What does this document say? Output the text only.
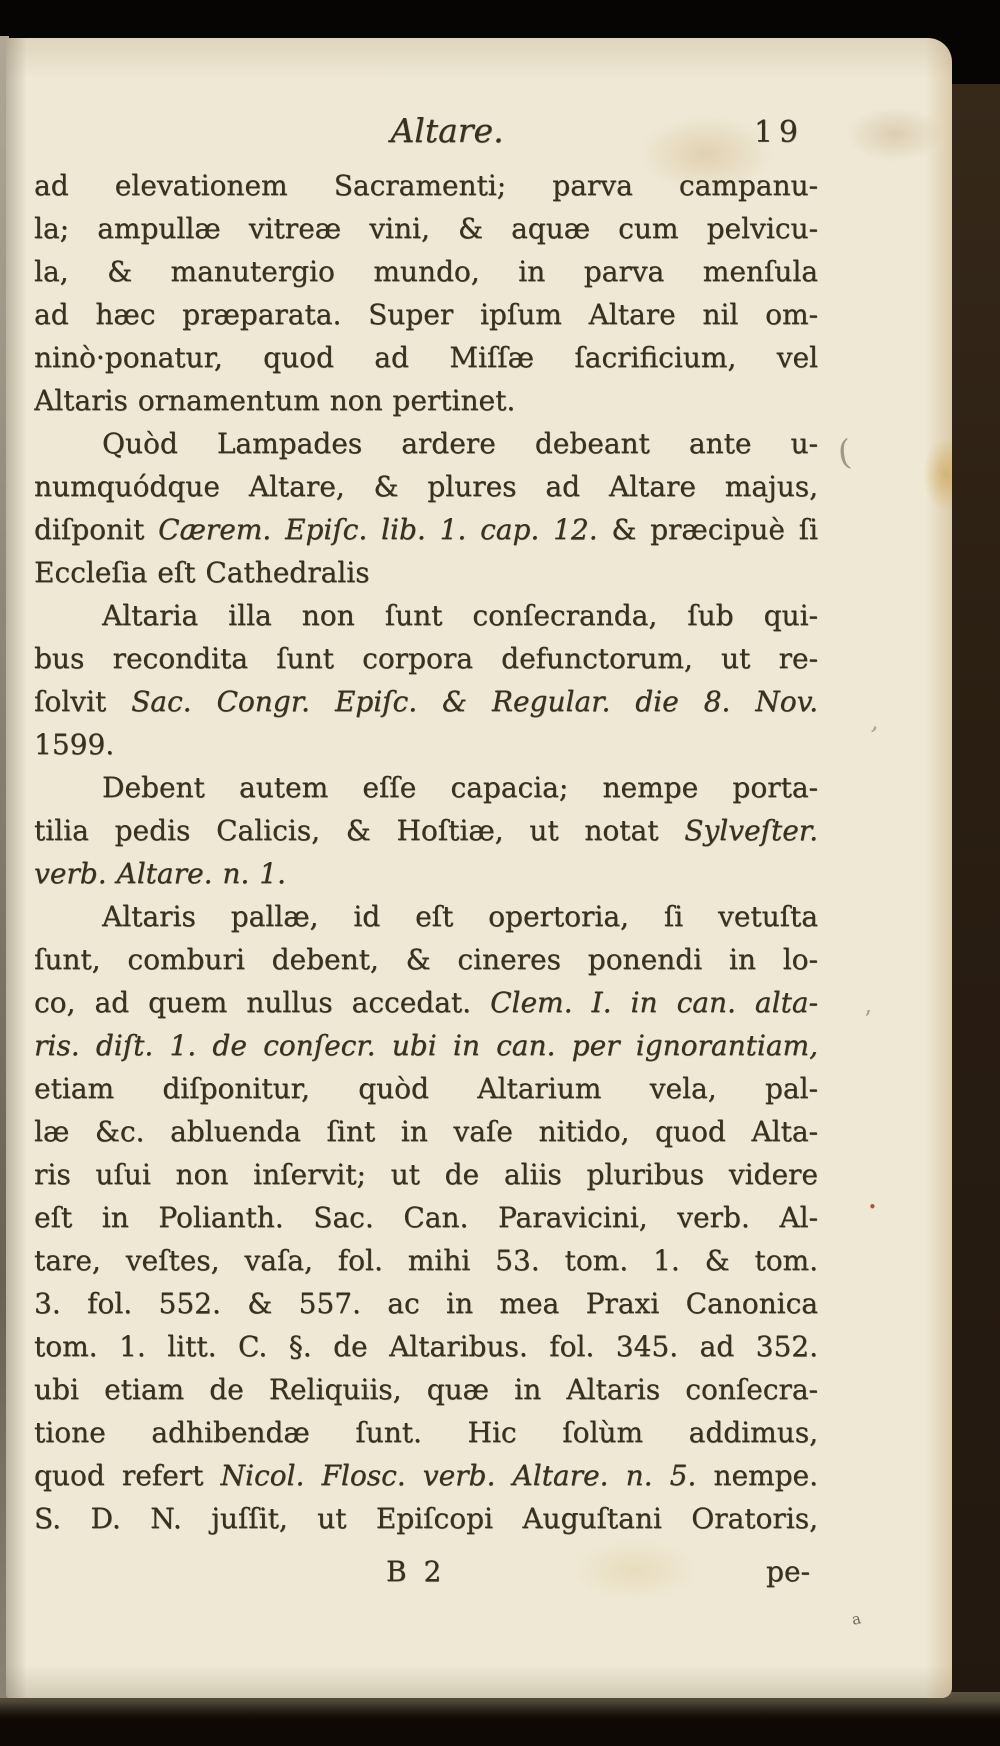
Altare.	19
ad elevationem Sacramenti; parva campanu-
la; ampullæ vitreæ vini, & aquæ cum pelvicu-
la, & manutergio mundo, in parva menſula
ad hæc præparata. Super ipſum Altare nil om-
ninò·ponatur, quod ad Miſſæ ſacrificium, vel
Altaris ornamentum non pertinet.
Quòd Lampades ardere debeant ante u-
numquódque Altare, & plures ad Altare majus,
diſponit Cærem. Epiſc. lib. 1. cap. 12. & præcipuè ſi
Eccleſia eſt Cathedralis
Altaria illa non ſunt conſecranda, ſub qui-
bus recondita ſunt corpora defunctorum, ut re-
ſolvit Sac. Congr. Epiſc. & Regular. die 8. Nov.
1599.
Debent autem eſſe capacia; nempe porta-
tilia pedis Calicis, & Hoſtiæ, ut notat Sylveſter.
verb. Altare. n. 1.
Altaris pallæ, id eſt opertoria, ſi vetuſta
ſunt, comburi debent, & cineres ponendi in lo-
co, ad quem nullus accedat. Clem. I. in can. alta-
ris. diſt. 1. de conſecr. ubi in can. per ignorantiam,
etiam diſponitur, quòd Altarium vela, pal-
læ &c. abluenda ſint in vaſe nitido, quod Alta-
ris uſui non inſervit; ut de aliis pluribus videre
eſt in Polianth. Sac. Can. Paravicini, verb. Al-
tare, veſtes, vaſa, fol. mihi 53. tom. 1. & tom.
3. fol. 552. & 557. ac in mea Praxi Canonica
tom. 1. litt. C. §. de Altaribus. fol. 345. ad 352.
ubi etiam de Reliquiis, quæ in Altaris conſecra-
tione adhibendæ ſunt. Hic ſolùm addimus,
quod refert Nicol. Flosc. verb. Altare. n. 5. nempe.
S. D. N. juſſit, ut Epiſcopi Auguſtani Oratoris,
B 2	pe-
(
’
’
•
a
